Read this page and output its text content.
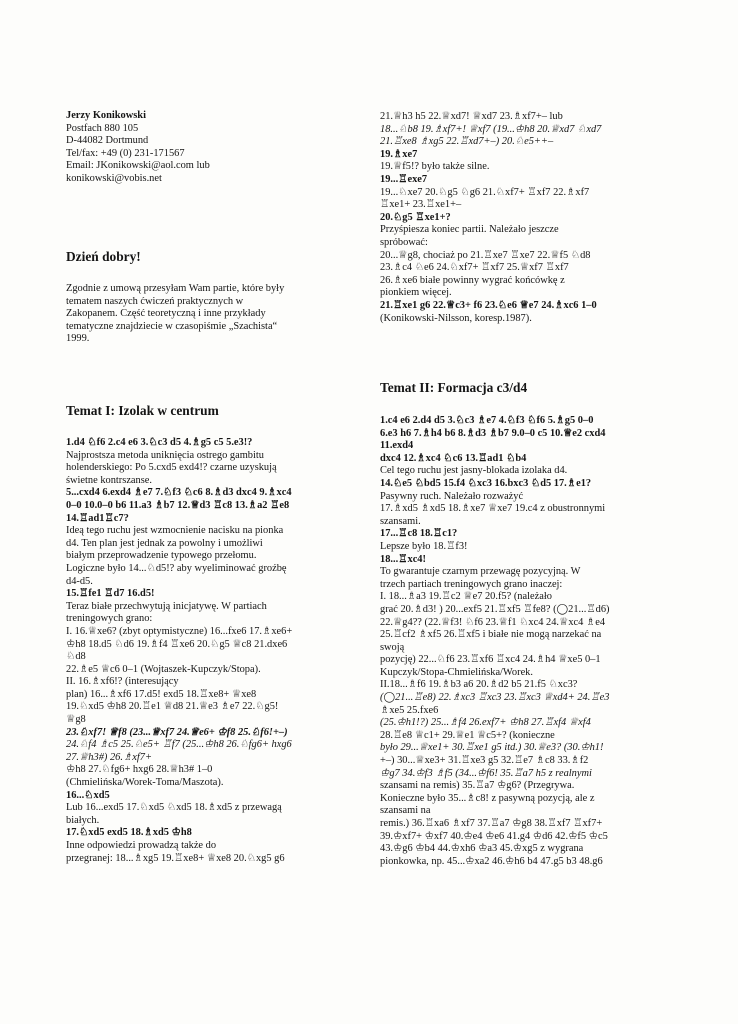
Jerzy Konikowski

Postfach 880 105

D-44082 Dortmund

Tel/fax: +49 (0) 231-171567

Email: JKonikowski@aol.com lub

konikowski@vobis.net

Dzień dobry!

Zgodnie z umową przesyłam Wam partie, które były

tematem naszych ćwiczeń praktycznych w

Zakopanem. Część teoretyczną i inne przykłady

tematyczne znajdziecie w czasopiśmie „Szachista“

1999.

Temat I: Izolak w centrum

1.d4 ♘f6 2.c4 e6 3.♘c3 d5 4.♗g5 c5 5.e3!?

Najprostsza metoda uniknięcia ostrego gambitu

holenderskiego: Po 5.cxd5 exd4!? czarne uzyskują

świetne kontrszanse.

5...cxd4 6.exd4 ♗e7 7.♘f3 ♘c6 8.♗d3 dxc4 9.♗xc4

0–0 10.0–0 b6 11.a3 ♗b7 12.♕d3 ♖c8 13.♗a2 ♖e8

14.♖ad1♖c7?

Ideą tego ruchu jest wzmocnienie nacisku na pionka

d4. Ten plan jest jednak za powolny i umożliwi

białym przeprowadzenie typowego przełomu.

Logiczne było 14...♘d5!? aby wyeliminować groźbę

d4-d5.

15.♖fe1 ♖d7 16.d5!

Teraz białe przechwytują inicjatywę. W partiach

treningowych grano:

I. 16.♕xe6? (zbyt optymistyczne) 16...fxe6 17.♗xe6+

♔h8 18.d5 ♘d6 19.♗f4 ♖xe6 20.♘g5 ♕c8 21.dxe6

♘d8

22.♗e5 ♕c6 0–1 (Wojtaszek-Kupczyk/Stopa).

II. 16.♗xf6!? (interesujący

plan) 16...♗xf6 17.d5! exd5 18.♖xe8+ ♕xe8

19.♘xd5 ♔h8 20.♖e1 ♕d8 21.♕e3 ♗e7 22.♘g5!

♕g8

23.♘xf7! ♕f8 (23...♕xf7 24.♕e6+ ♔f8 25.♘f6!+–)

24.♘f4 ♗c5 25.♘e5+ ♖f7 (25...♔h8 26.♘fg6+ hxg6

27.♕h3#) 26.♗xf7+

♔h8 27.♘fg6+ hxg6 28.♕h3# 1–0

(Chmielińska/Worek-Toma/Maszota).

16...♘xd5

Lub 16...exd5 17.♘xd5 ♘xd5 18.♗xd5 z przewagą

białych.

17.♘xd5 exd5 18.♗xd5 ♔h8

Inne odpowiedzi prowadzą także do

przegranej: 18...♗xg5 19.♖xe8+ ♕xe8 20.♘xg5 g6

21.♕h3 h5 22.♕xd7! ♕xd7 23.♗xf7+– lub

18...♘b8 19.♗xf7+! ♕xf7 (19...♔h8 20.♕xd7 ♘xd7

21.♖xe8 ♗xg5 22.♖xd7+–) 20.♘e5++–

19.♗xe7

19.♕f5!? było także silne.

19...♖exe7

19...♘xe7 20.♘g5 ♘g6 21.♘xf7+ ♖xf7 22.♗xf7

♖xe1+ 23.♖xe1+–

20.♘g5 ♖xe1+?

Przyśpiesza koniec partii. Należało jeszcze

spróbować:

20...♕g8, chociaż po 21.♖xe7 ♖xe7 22.♕f5 ♘d8

23.♗c4 ♘e6 24.♘xf7+ ♖xf7 25.♕xf7 ♖xf7

26.♗xe6 białe powinny wygrać końcówkę z

pionkiem więcej.

21.♖xe1 g6 22.♕c3+ f6 23.♘e6 ♕e7 24.♗xc6 1–0

(Konikowski-Nilsson, koresp.1987).

Temat II: Formacja c3/d4

1.c4 e6 2.d4 d5 3.♘c3 ♗e7 4.♘f3 ♘f6 5.♗g5 0–0

6.e3 h6 7.♗h4 b6 8.♗d3 ♗b7 9.0–0 c5 10.♕e2 cxd4

11.exd4

dxc4 12.♗xc4 ♘c6 13.♖ad1 ♘b4

Cel tego ruchu jest jasny-blokada izolaka d4.

14.♘e5 ♘bd5 15.f4 ♘xc3 16.bxc3 ♘d5 17.♗e1?

Pasywny ruch. Należało rozważyć

17.♗xd5 ♗xd5 18.♗xe7 ♕xe7 19.c4 z obustronnymi

szansami.

17...♖c8 18.♖c1?

Lepsze było 18.♖f3!

18...♖xc4!

To gwarantuje czarnym przewagę pozycyjną. W

trzech partiach treningowych grano inaczej:

I. 18...♗a3 19.♖c2 ♕e7 20.f5? (należało

grać 20.♗d3! ) 20...exf5 21.♖xf5 ♖fe8? (◯21...♖d6)

22.♕g4?? (22.♕f3! ♘f6 23.♕f1 ♘xc4 24.♕xc4 ♗e4

25.♖cf2 ♗xf5 26.♖xf5 i białe nie mogą narzekać na

swoją

pozycję) 22...♘f6 23.♖xf6 ♖xc4 24.♗h4 ♕xe5 0–1

Kupczyk/Stopa-Chmielińska/Worek.

II.18...♗f6 19.♗b3 a6 20.♗d2 b5 21.f5 ♘xc3?

(◯21...♖e8) 22.♗xc3 ♖xc3 23.♖xc3 ♕xd4+ 24.♖e3

♗xe5 25.fxe6

(25.♔h1!?) 25...♗f4 26.exf7+ ♔h8 27.♖xf4 ♕xf4

28.♖e8 ♕c1+ 29.♕e1 ♕c5+? (konieczne

było 29...♕xe1+ 30.♖xe1 g5 itd.) 30.♕e3? (30.♔h1!

+–) 30...♕xe3+ 31.♖xe3 g5 32.♖e7 ♗c8 33.♗f2

♔g7 34.♔f3 ♗f5 (34...♔f6! 35.♖a7 h5 z realnymi

szansami na remis) 35.♖a7 ♔g6? (Przegrywa.

Konieczne było 35...♗c8! z pasywną pozycją, ale z

szansami na

remis.) 36.♖xa6 ♗xf7 37.♖a7 ♔g8 38.♖xf7 ♖xf7+

39.♔xf7+ ♔xf7 40.♔e4 ♔e6 41.g4 ♔d6 42.♔f5 ♔c5

43.♔g6 ♔b4 44.♔xh6 ♔a3 45.♔xg5 z wygrana

pionkowka, np. 45...♔xa2 46.♔h6 b4 47.g5 b3 48.g6
